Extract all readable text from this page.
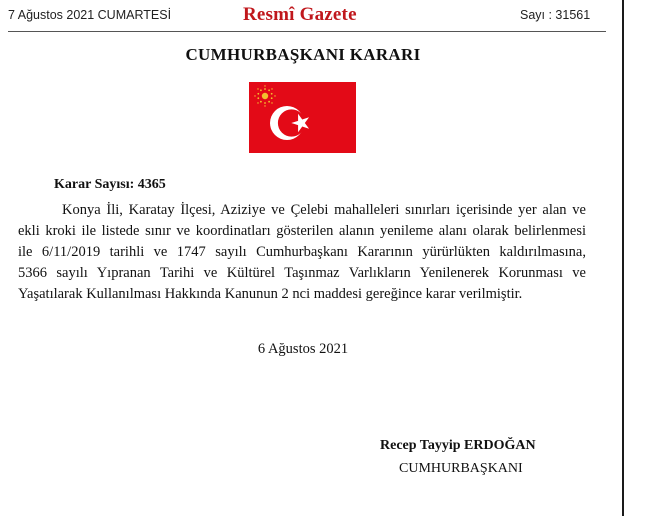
7 Ağustos 2021 CUMARTESİ	Resmî Gazete	Sayı : 31561
CUMHURBAŞKANI KARARI
Karar Sayısı: 4365
Konya İli, Karatay İlçesi, Aziziye ve Çelebi mahalleleri sınırları içerisinde yer alan ve
ekli kroki ile listede sınır ve koordinatları gösterilen alanın yenileme alanı olarak belirlenmesi
ile 6/11/2019 tarihli ve 1747 sayılı Cumhurbaşkanı Kararının yürürlükten kaldırılmasına,
5366 sayılı Yıpranan Tarihi ve Kültürel Taşınmaz Varlıkların Yenilenerek Korunması ve
Yaşatılarak Kullanılması Hakkında Kanunun 2 nci maddesi gereğince karar verilmiştir.
6 Ağustos 2021
Recep Tayyip ERDOĞAN
CUMHURBAŞKANI
